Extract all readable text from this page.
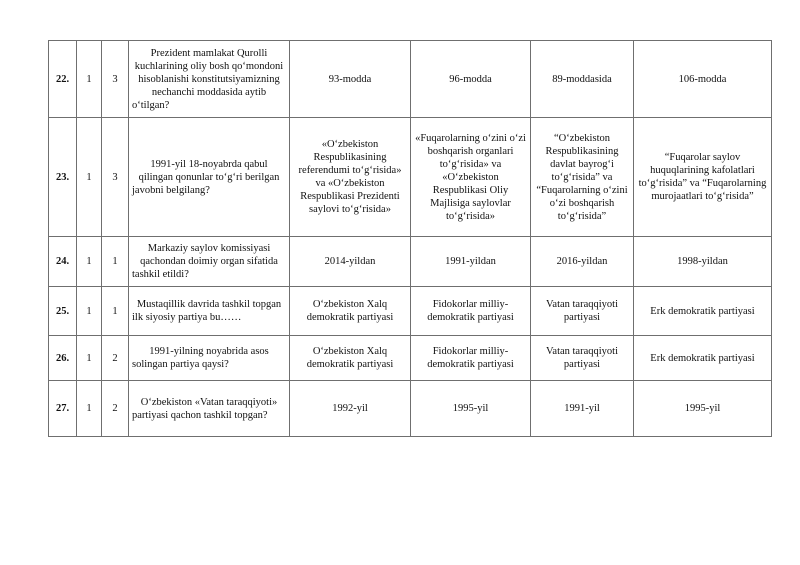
22.	1	3	Prezident mamlakat Qurolli kuchlarining oliy bosh qo‘mondoni hisoblanishi konstitutsiyamizning nechanchi moddasida aytib o‘tilgan?	93-modda	96-modda	89-moddasida	106-modda
23.	1	3	1991-yil 18-noyabrda qabul qilingan qonunlar to‘g‘ri berilgan javobni belgilang?	«O‘zbekiston Respublikasining referendumi to‘g‘risida» va «O‘zbekiston Respublikasi Prezidenti saylovi to‘g‘risida»	«Fuqarolarning o‘zini o‘zi boshqarish organlari to‘g‘risida» va «O‘zbekiston Respublikasi Oliy Majlisiga saylovlar to‘g‘risida»	“O‘zbekiston Respublikasining davlat bayrog‘i to‘g‘risida” va “Fuqarolarning o‘zini o‘zi boshqarish to‘g‘risida”	“Fuqarolar saylov huquqlarining kafolatlari to‘g‘risida” va “Fuqarolarning murojaatlari to‘g‘risida”
24.	1	1	Markaziy saylov komissiyasi qachondan doimiy organ sifatida tashkil etildi?	2014-yildan	1991-yildan	2016-yildan	1998-yildan
25.	1	1	Mustaqillik davrida tashkil topgan ilk siyosiy partiya bu……	O‘zbekiston Xalq demokratik partiyasi	Fidokorlar milliy-demokratik partiyasi	Vatan taraqqiyoti partiyasi	Erk demokratik partiyasi
26.	1	2	1991-yilning noyabrida asos solingan partiya qaysi?	O‘zbekiston Xalq demokratik partiyasi	Fidokorlar milliy-demokratik partiyasi	Vatan taraqqiyoti partiyasi	Erk demokratik partiyasi
27.	1	2	O‘zbekiston «Vatan taraqqiyoti» partiyasi qachon tashkil topgan?	1992-yil	1995-yil	1991-yil	1995-yil
